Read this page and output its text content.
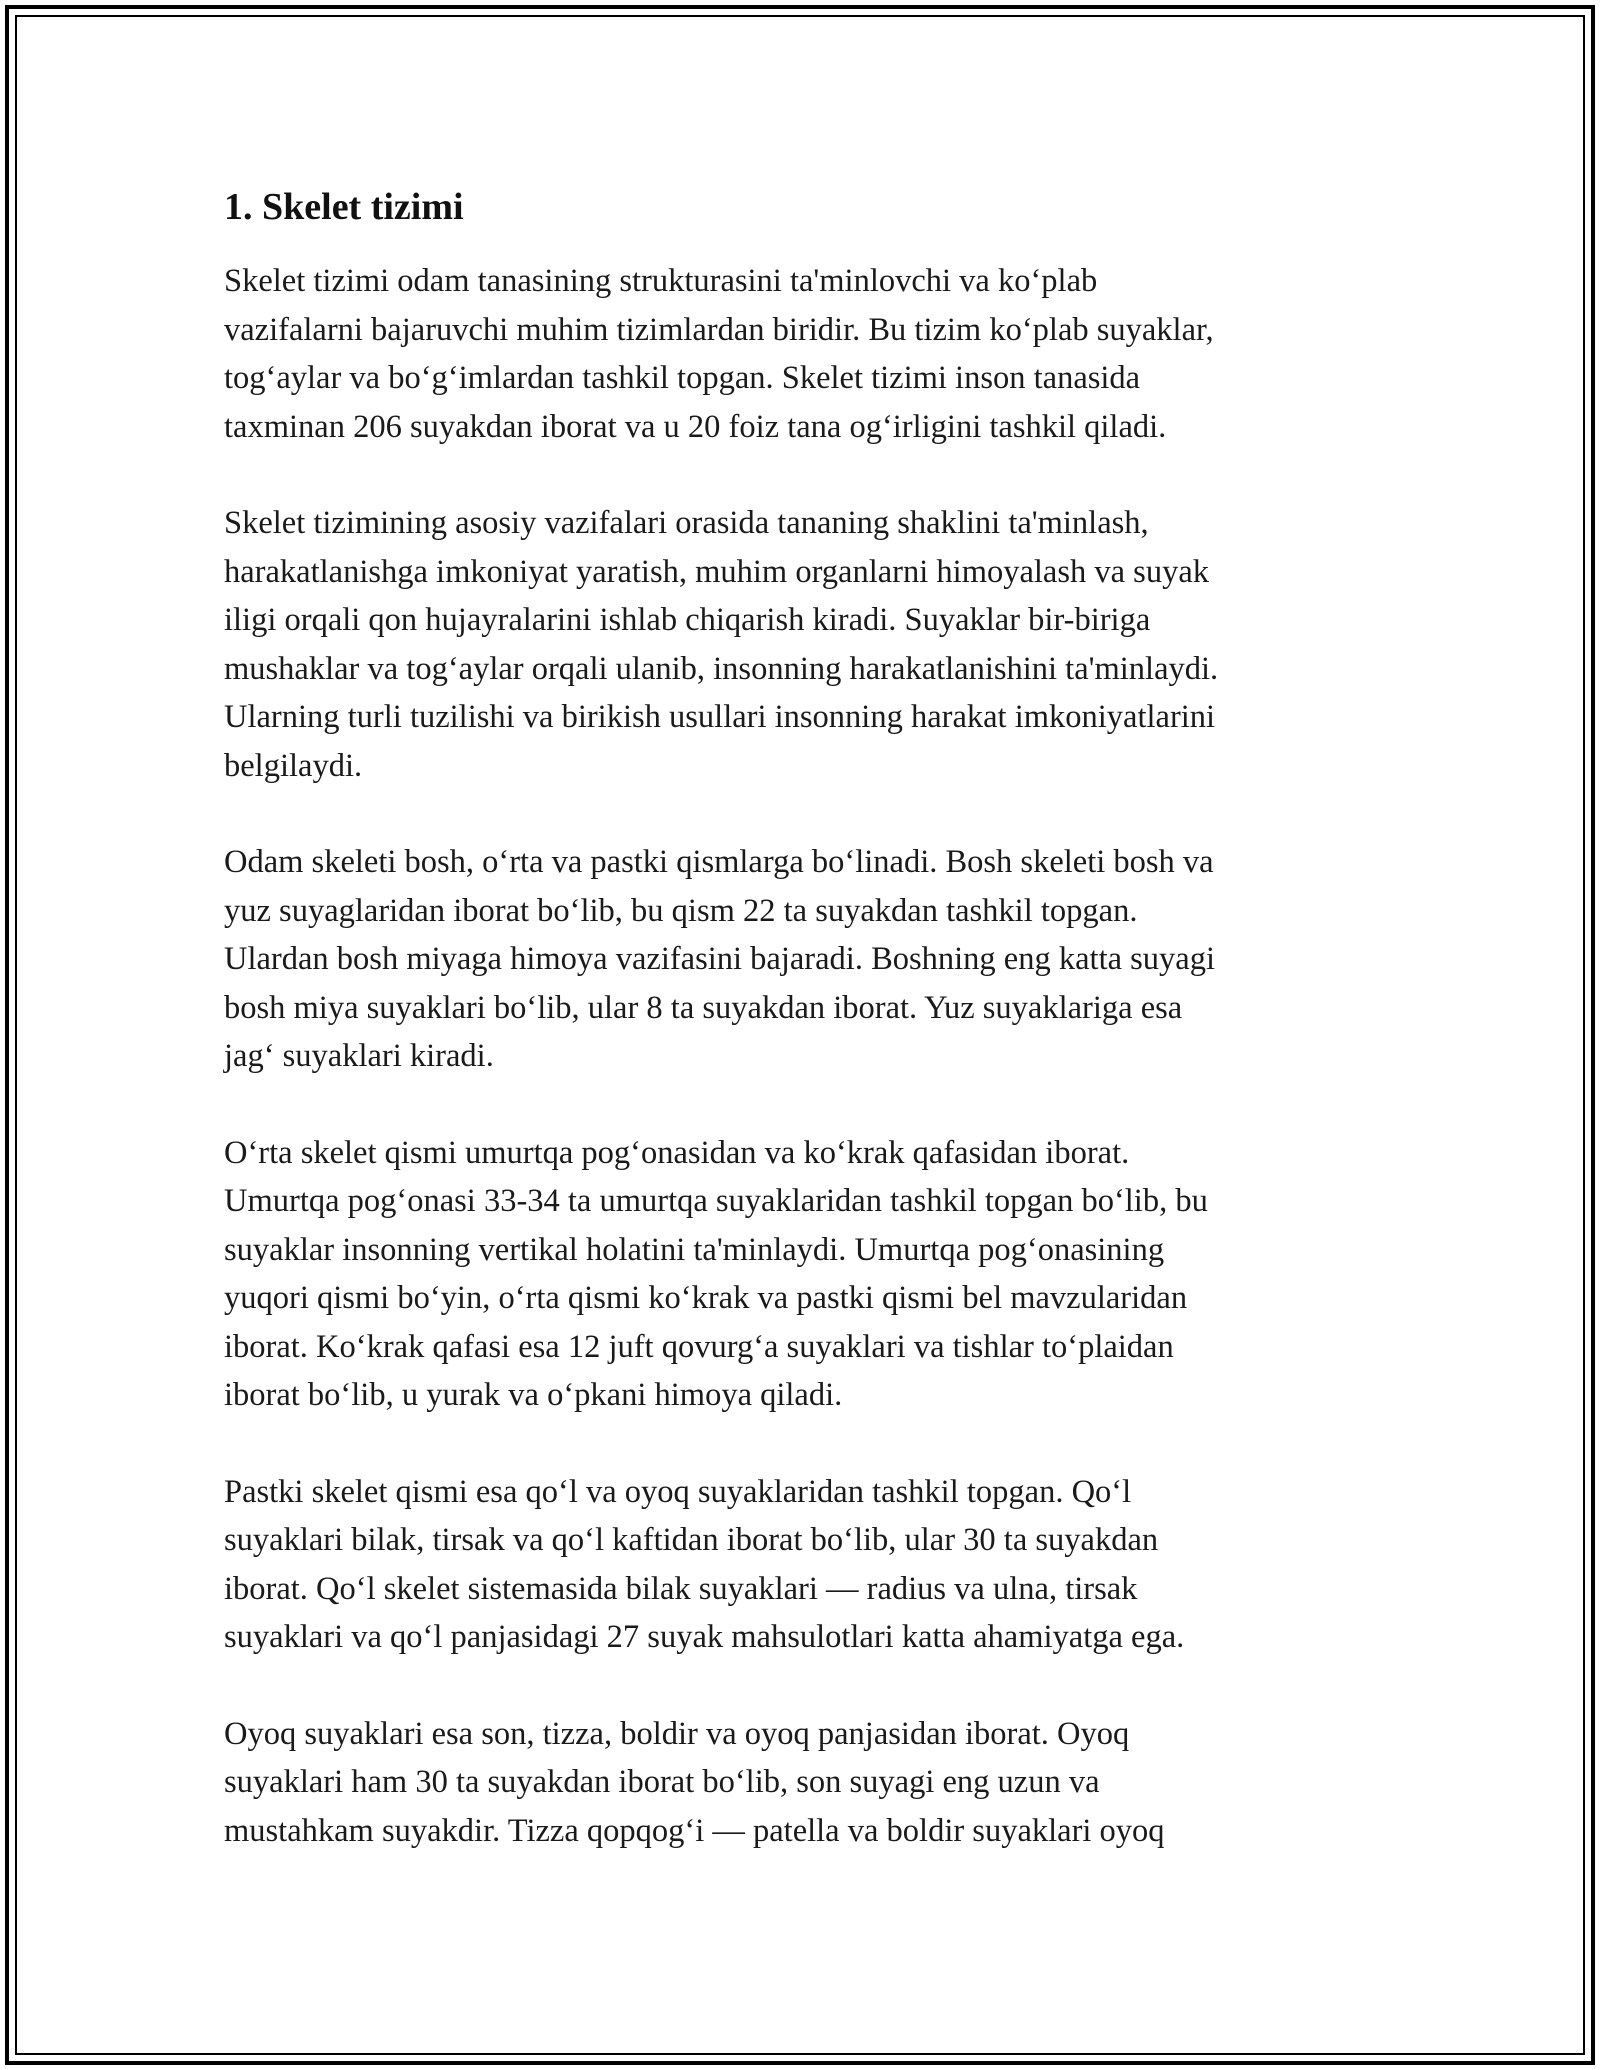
1. Skelet tizimi

Skelet tizimi odam tanasining strukturasini ta'minlovchi va ko‘plab
vazifalarni bajaruvchi muhim tizimlardan biridir. Bu tizim ko‘plab suyaklar,
tog‘aylar va bo‘g‘imlardan tashkil topgan. Skelet tizimi inson tanasida
taxminan 206 suyakdan iborat va u 20 foiz tana og‘irligini tashkil qiladi.

Skelet tizimining asosiy vazifalari orasida tananing shaklini ta'minlash,
harakatlanishga imkoniyat yaratish, muhim organlarni himoyalash va suyak
iligi orqali qon hujayralarini ishlab chiqarish kiradi. Suyaklar bir-biriga
mushaklar va tog‘aylar orqali ulanib, insonning harakatlanishini ta'minlaydi.
Ularning turli tuzilishi va birikish usullari insonning harakat imkoniyatlarini
belgilaydi.

Odam skeleti bosh, o‘rta va pastki qismlarga bo‘linadi. Bosh skeleti bosh va
yuz suyaglaridan iborat bo‘lib, bu qism 22 ta suyakdan tashkil topgan.
Ulardan bosh miyaga himoya vazifasini bajaradi. Boshning eng katta suyagi
bosh miya suyaklari bo‘lib, ular 8 ta suyakdan iborat. Yuz suyaklariga esa
jag‘ suyaklari kiradi.

O‘rta skelet qismi umurtqa pog‘onasidan va ko‘krak qafasidan iborat.
Umurtqa pog‘onasi 33-34 ta umurtqa suyaklaridan tashkil topgan bo‘lib, bu
suyaklar insonning vertikal holatini ta'minlaydi. Umurtqa pog‘onasining
yuqori qismi bo‘yin, o‘rta qismi ko‘krak va pastki qismi bel mavzularidan
iborat. Ko‘krak qafasi esa 12 juft qovurg‘a suyaklari va tishlar to‘plaidan
iborat bo‘lib, u yurak va o‘pkani himoya qiladi.

Pastki skelet qismi esa qo‘l va oyoq suyaklaridan tashkil topgan. Qo‘l
suyaklari bilak, tirsak va qo‘l kaftidan iborat bo‘lib, ular 30 ta suyakdan
iborat. Qo‘l skelet sistemasida bilak suyaklari — radius va ulna, tirsak
suyaklari va qo‘l panjasidagi 27 suyak mahsulotlari katta ahamiyatga ega.

Oyoq suyaklari esa son, tizza, boldir va oyoq panjasidan iborat. Oyoq
suyaklari ham 30 ta suyakdan iborat bo‘lib, son suyagi eng uzun va
mustahkam suyakdir. Tizza qopqog‘i — patella va boldir suyaklari oyoq
